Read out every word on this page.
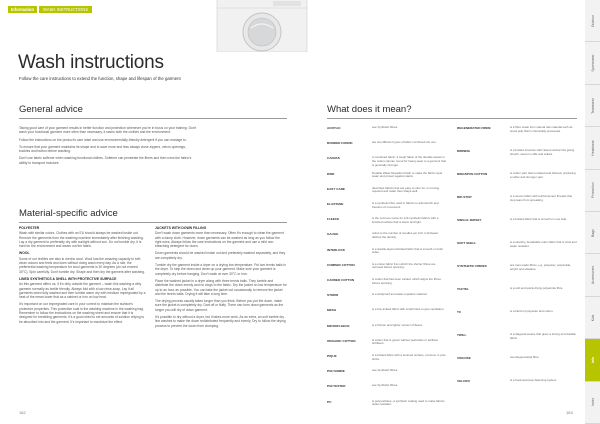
Information	WASH INSTRUCTIONS
Wash instructions
Follow the care instructions to extend the function, shape and lifespan of the garment
General advice

Taking good care of your garment results in better function and protection whenever you're in focus on your training. Don't wash your functional garment more often than necessary, it saves both the clothes and the environment.

Follow the instructions on the product's care label and use environmentally-friendly detergent if you can manage to.

To ensure that your garment maintains its shape and to save more and less always close zippers, velcro openings, buckles and button before washing.

Don't use fabric softener when washing functional clothes. Softener can penetrate the fibres and then ruins the fabric's ability to transport moisture.

Material-specific advice
POLYESTER
Wash with similar colors. Clothes with an EU should always be washed inside out. Remove the garments from the washing machine immediately after finishing washing. Lay a dry garment to preferably dry with sunlight without sun. Do not tumble dry, it is hard for the environment and wears out the fabric.
WOOL
Some of our textiles are also in merino wool. Wool has the amazing capacity to self-clean odours and feels and does without doing wash every day. As a rule, the preferential washing temperature for wool garments is 30 degrees (do not exceed 30°C). Spin carefully. Don't tumble dry. Shape and then dry the garment after washing.
LINED SYNTHETICS & SHELL WITH PROTECTIVE SURFACE
As this garment offers us, if it's dirty outside the garment – wash this washing a dirty garment normally as textile friendly. Always fold with a low-rinse-soap. Lay it all garments when fully washed and then tumble warm dry with medium impregnated by a heat of the mean lower that as a cabinet or iron on low heat.
It's important on our impregnated care in your correct to maintain the surface's protective properties. This protective coat in the washing machine in the washing bag. Remember to follow the instructions on the washing sheet and ensure that it is designed for breathing garments. It's a good shed to set amounts of solution relying to be absorbed into and the garment. It's important to maximize the effect.
JACKETS WITH DOWN FILLING
Don't wash down garments more than necessary. Often it's enough to clean the garment with a damp cloth. However, down garments can be washed as long as you follow the right rules. Always follow the care instructions on the garment and use a mild non-bleaching detergent for down.
Down garments should be washed inside out and preferably washed separately, and they are completely dry.
Tumble dry the garment inside a dryer on a drying low temperature. Put two tennis balls in the dryer. To help the down and clean up your garment. Make sure your garment is completely dry before hanging. Don't wash at over 30°C or iron.
Place the washed jacket in a dryer along with three tennis balls. They tumble and distribute the down evenly and no clogs to the fabric. Dry the jacket on low temperature for up to an hour as possible. You can take the jacket out occasionally to remove the jacket and the tennis balls. Drying it will take a long time.
The drying process usually takes longer than you think. Before you put the down, make sure the jacket is completely dry. Dart off or fluffy. There can form down garments as the longer you will dry of down garment.
It's possible to dry without a dryer, but it takes more work. As an extra, an soft tumble dry line washes to make the down redistributed frequently and evenly. Dry to follow the drying process to prevent the down from clumping.
What does it mean?
ACRYLIC	see Synthetic fibres.
BONDED FABRIC	are two different types of fabric combined into one.
CANVAS	A combined fabric: a tough fabric of the durable weave in the cotton canvas. Good for heavy-wear to a garment that is generally stronger.
DWR	Durable Water Repellent finish to make the fabric repel water and protect against stains.
EASY CARE	describes fabrics that are easy to care for, no ironing required and retain their shape well.
ELASTANE	is a synthetic fibre used in fabrics to add stretch and freedom of movement.
FLEECE	is the common name for soft synthetic fabrics with a brushed surface that is warm and light.
GAUGE	refers to the number of needles per inch in knitwear; defines the density.
INTERLOCK	is a double-layered knitted fabric that is smooth on both sides.
COMBED COTTON	is a cotton fabric from which the shorter fibres are removed before spinning.
CARDED COTTON	is cotton that has been carded, which aligns the fibres before spinning.
STORM	is a windproof and water-repellent material.
MESH	is a fine knitted fabric with small holes to give ventilation.
MICROFLEECE	is a thinner and lighter version of fleece.
ORGANIC COTTON	is cotton that is grown without pesticides or artificial fertilisers.
PIQUE	is a knitted fabric with a textured surface, common in polo shirts.
POLYAMIDE	see Synthetic fibres.
POLYESTER	see Synthetic fibres.
PU	is polyurethane, a synthetic coating used to make fabrics water-resistant.
REGENERATED FIBRE	is a fibre made from natural raw material such as wood pulp that is chemically processed.
RIBBING	is a knitted structure with raised vertical ribs giving stretch, used on cuffs and collars.
RINGSPUN COTTON	is cotton yarn that is twisted and thinned, producing a softer and stronger yarn.
RIP-STOP	is a woven fabric with reinforcement threads that stop tears from spreading.
SINGLE JERSEY	is a knitted fabric that is smooth on one side.
SOFT SHELL	is a stretchy, breathable outer fabric that is wind and water resistant.
SYNTHETIC FIBRES	are man-made fibres, e.g. polyester, polyamide, acrylic and elastane.
TACTEL	is a soft and quick-drying polyamide fibre.
TC	is a blend of polyester and cotton.
TWILL	is a diagonal weave that gives a strong and durable fabric.
VISCOSE	see Regenerated fibre.
VELCRO	is a hook-and-loop fastening system.
Outdoor
Sportswear
Teamwear
Headwear
Promotion
Bags
Accessories
Kids
Info
Index
162	163
